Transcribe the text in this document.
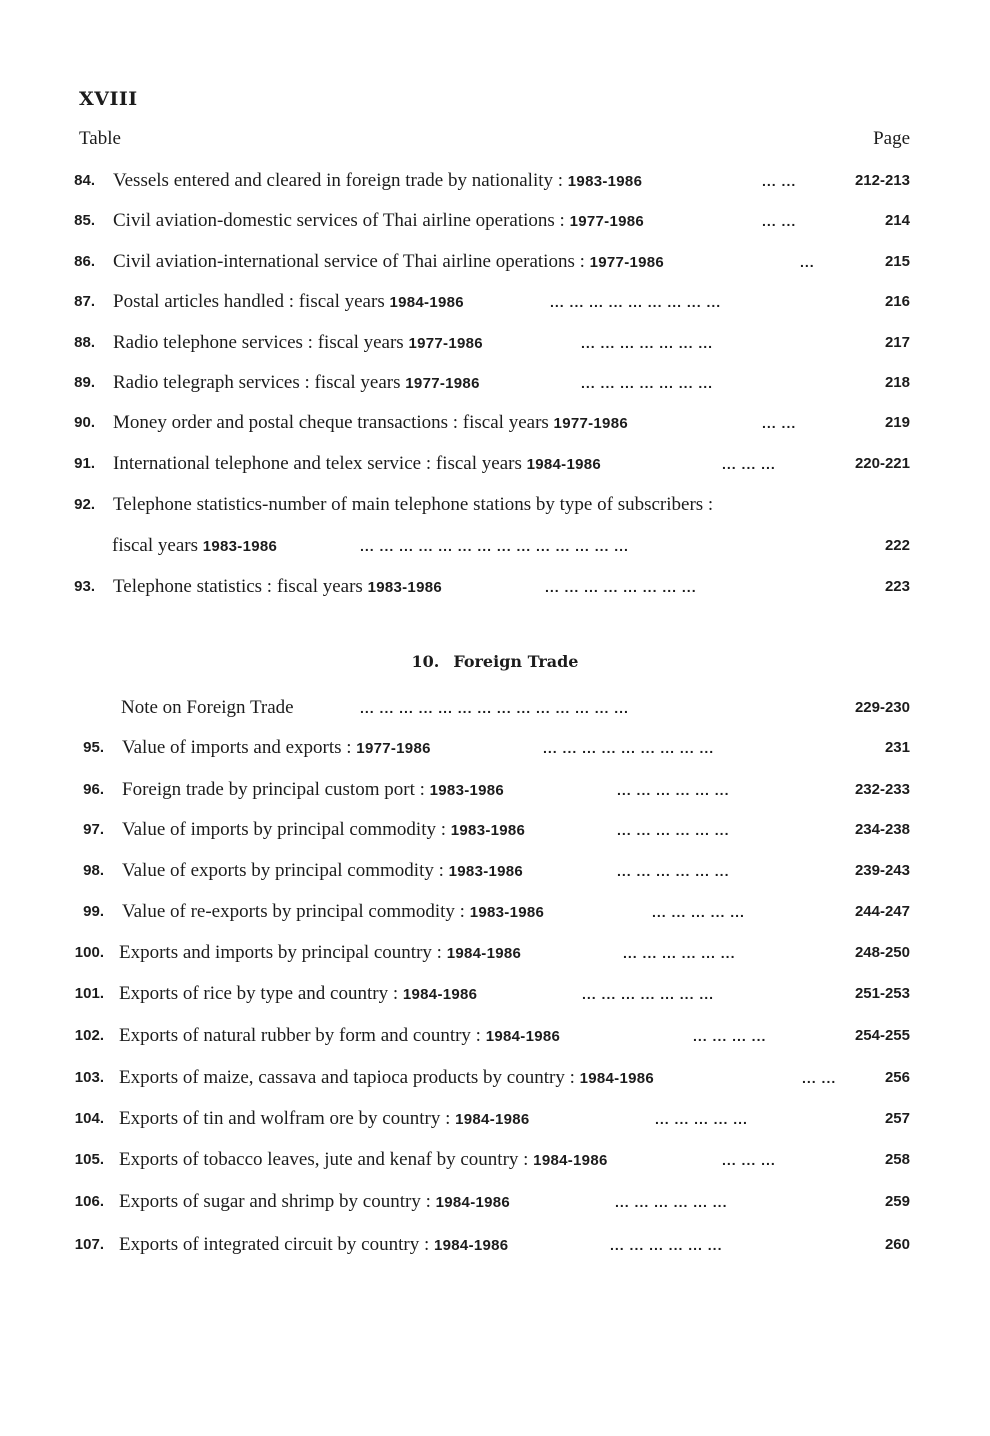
XVIII
Table	Page
10. Foreign Trade
84. Vessels entered and cleared in foreign trade by nationality : 1983-1986	... ...	212-213
85. Civil aviation-domestic services of Thai airline operations : 1977-1986	... ...	214
86. Civil aviation-international service of Thai airline operations : 1977-1986	...	215
87. Postal articles handled : fiscal years 1984-1986	... ... ... ... ... ... ... ... ...	216
88. Radio telephone services : fiscal years 1977-1986	... ... ... ... ... ... ...	217
89. Radio telegraph services : fiscal years 1977-1986	... ... ... ... ... ... ...	218
90. Money order and postal cheque transactions : fiscal years 1977-1986	... ...	219
91. International telephone and telex service : fiscal years 1984-1986	... ... ...	220-221
92. Telephone statistics-number of main telephone stations by type of subscribers :
fiscal years 1983-1986	... ... ... ... ... ... ... ... ... ... ... ... ... ...	222
93. Telephone statistics : fiscal years 1983-1986	... ... ... ... ... ... ... ...	223
Note on Foreign Trade	... ... ... ... ... ... ... ... ... ... ... ... ... ...	229-230
95. Value of imports and exports : 1977-1986	... ... ... ... ... ... ... ... ...	231
96. Foreign trade by principal custom port : 1983-1986	... ... ... ... ... ...	232-233
97. Value of imports by principal commodity : 1983-1986	... ... ... ... ... ...	234-238
98. Value of exports by principal commodity : 1983-1986	... ... ... ... ... ...	239-243
99. Value of re-exports by principal commodity : 1983-1986	... ... ... ... ...	244-247
100. Exports and imports by principal country : 1984-1986	... ... ... ... ... ...	248-250
101. Exports of rice by type and country : 1984-1986	... ... ... ... ... ... ...	251-253
102. Exports of natural rubber by form and country : 1984-1986	... ... ... ...	254-255
103. Exports of maize, cassava and tapioca products by country : 1984-1986	... ...	256
104. Exports of tin and wolfram ore by country : 1984-1986	... ... ... ... ...	257
105. Exports of tobacco leaves, jute and kenaf by country : 1984-1986	... ... ...	258
106. Exports of sugar and shrimp by country : 1984-1986	... ... ... ... ... ...	259
107. Exports of integrated circuit by country : 1984-1986	... ... ... ... ... ...	260
